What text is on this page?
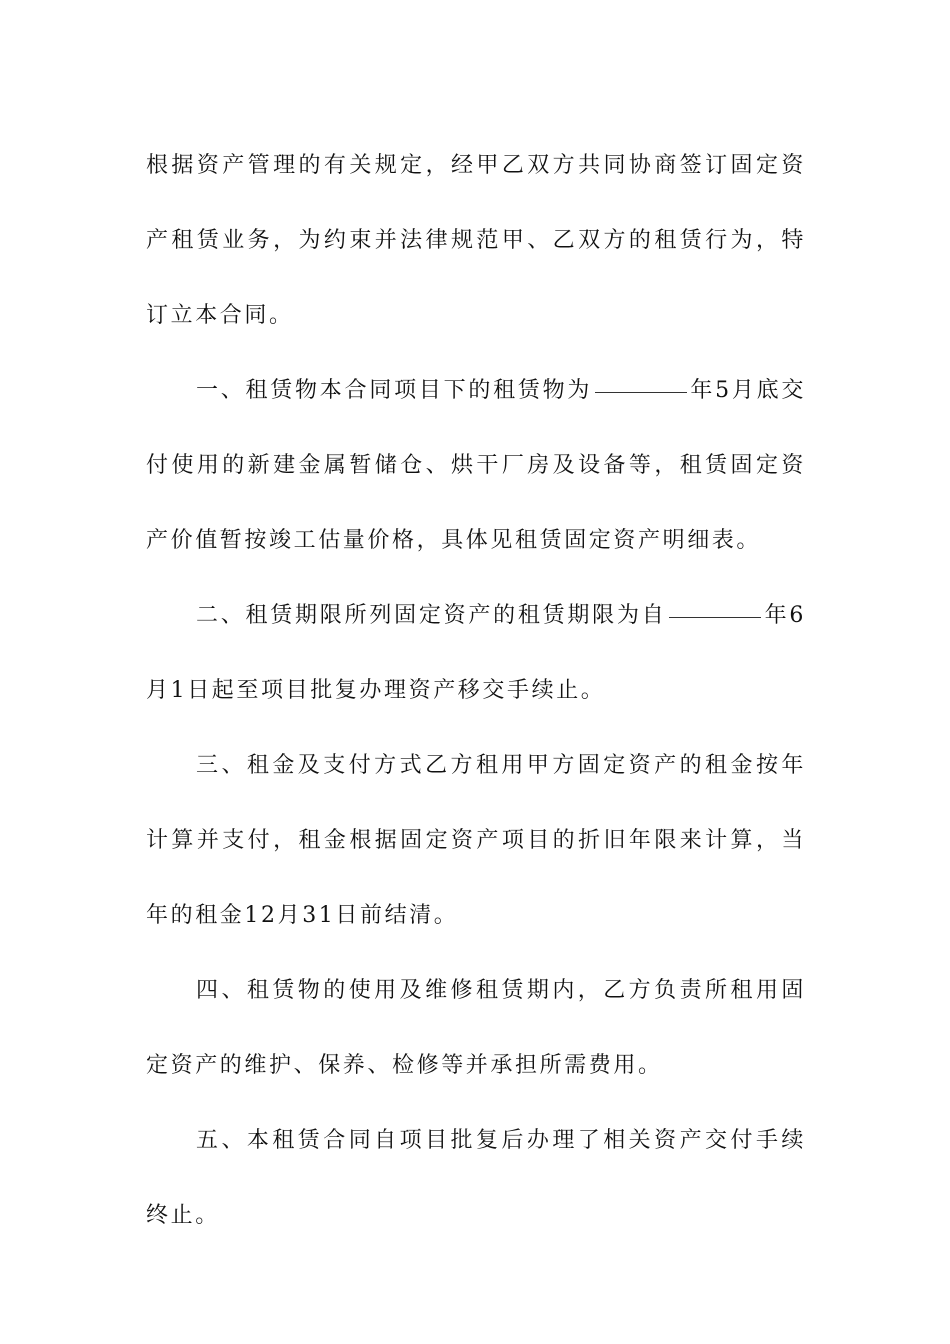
根据资产管理的有关规定，经甲乙双方共同协商签订固定资产租赁业务，为约束并法律规范甲、乙双方的租赁行为，特订立本合同。

一、租赁物本合同项目下的租赁物为	年5月底交付使用的新建金属暂储仓、烘干厂房及设备等，租赁固定资产价值暂按竣工估量价格，具体见租赁固定资产明细表。

二、租赁期限所列固定资产的租赁期限为自	年6月1日起至项目批复办理资产移交手续止。

三、租金及支付方式乙方租用甲方固定资产的租金按年计算并支付，租金根据固定资产项目的折旧年限来计算，当年的租金12月31日前结清。

四、租赁物的使用及维修租赁期内，乙方负责所租用固定资产的维护、保养、检修等并承担所需费用。

五、本租赁合同自项目批复后办理了相关资产交付手续终止。
